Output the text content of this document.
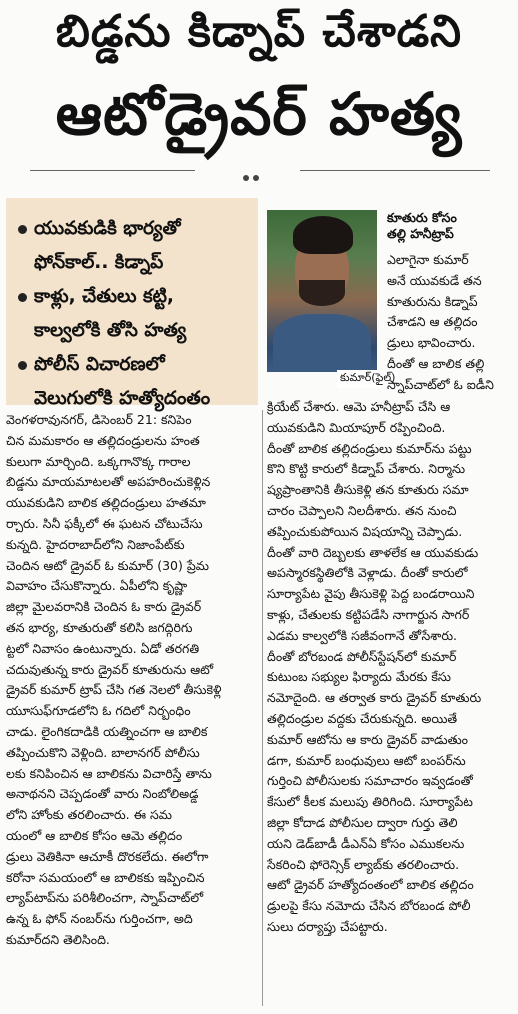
బిడ్డను కిడ్నాప్ చేశాడని
ఆటోడ్రైవర్ హత్య
యువకుడికి భార్యతో
ఫోన్‌కాల్.. కిడ్నాప్
కాళ్లు, చేతులు కట్టి,
కాల్వలోకి తోసి హత్య
పోలీస్ విచారణలో
వెలుగులోకి హత్యోదంతం
కుమార్(ఫైల్)
కూతురు కోసం
తల్లి హనీట్రాప్

ఎలాగైనా కుమార్

అనే యువకుడే తన

కూతురును కిడ్నాప్

చేశాడని ఆ తల్లిదం

డ్రులు భావించారు.

దీంతో ఆ బాలిక తల్లి

స్నాప్‌చాట్‌లో ఓ ఐడీని

క్రియేట్ చేశారు. ఆమె హనీట్రాప్ చేసి ఆ

యువకుడిని మియాపూర్ రప్పించింది.

దీంతో బాలిక తల్లిదండ్రులు కుమార్‌ను పట్టు

కొని కొట్టి కారులో కిడ్నాప్ చేశారు. నిర్మాను

ష్యప్రాంతానికి తీసుకెళ్లి తన కూతురు సమా

చారం చెప్పాలని నిలదీశారు. తన నుంచి

తప్పించుకుపోయిన విషయాన్ని చెప్పాడు.

దీంతో వారి దెబ్బలకు తాళలేక ఆ యువకుడు

అపస్మారకస్థితిలోకి వెళ్లాడు. దీంతో కారులో

సూర్యాపేట వైపు తీసుకెళ్లి పెద్ద బండరాయిని

కాళ్లు, చేతులకు కట్టిపడేసి నాగార్జున సాగర్

ఎడమ కాల్వలోకి సజీవంగానే తోసేశారు.

దీంతో బోరబండ పోలీస్‌స్టేషన్‌లో కుమార్

కుటుంబ సభ్యుల ఫిర్యాదు మేరకు కేసు

నమోదైంది. ఆ తర్వాత కారు డ్రైవర్ కూతురు

తల్లిదండ్రుల వద్దకు చేరుకున్నది. అయితే

కుమార్ ఆటోను ఆ కారు డ్రైవర్ వాడుతుం

డగా, కుమార్ బంధువులు ఆటో బంపర్‌ను

గుర్తించి పోలీసులకు సమాచారం ఇవ్వడంతో

కేసులో కీలక మలుపు తిరిగింది. సూర్యాపేట

జిల్లా కోదాడ పోలీసుల ద్వారా గుర్తు తెలి

యని డెడ్‌బాడీ డీఎన్‌ఏ కోసం ఎముకలను

సేకరించి ఫోరెన్సిక్ ల్యాబ్‌కు తరలించారు.

ఆటో డ్రైవర్ హత్యోదంతంలో బాలిక తల్లిదం

డ్రులపై కేసు నమోదు చేసిన బోరబండ పోలీ

సులు దర్యాప్తు చేపట్టారు.

వెంగళరావునగర్, డిసెంబర్ 21: కనిపెం

చిన మమకారం ఆ తల్లిదండ్రులను హంత

కులుగా మార్చింది. ఒక్కగానొక్క గారాల

బిడ్డను మాయమాటలతో అపహరించుకెళ్లిన

యువకుడిని బాలిక తల్లిదండ్రులు హతమా

ర్చారు. సినీ ఫక్కీలో ఈ ఘటన చోటుచేసు

కున్నది. హైదరాబాద్‌లోని నిజాంపేట్‌కు

చెందిన ఆటో డ్రైవర్ ఓ కుమార్ (30) ప్రేమ

వివాహం చేసుకొన్నారు. ఏపీలోని కృష్ణా

జిల్లా మైలవరానికి చెందిన ఓ కారు డ్రైవర్

తన భార్య, కూతురుతో కలిసి జగద్గిరిగు

ట్టలో నివాసం ఉంటున్నారు. ఏడో తరగతి

చదువుతున్న కారు డ్రైవర్ కూతురును ఆటో

డ్రైవర్ కుమార్ ట్రాప్ చేసి గత నెలలో తీసుకెళ్లి

యూసుఫ్‌గూడలోని ఓ గదిలో నిర్బంధిం

చాడు. లైంగికదాడికి యత్నించగా ఆ బాలిక

తప్పించుకొని వెళ్లింది. బాలానగర్ పోలీసు

లకు కనిపించిన ఆ బాలికను విచారిస్తే తాను

అనాథనని చెప్పడంతో వారు నింబోలిఅడ్డ

లోని హోంకు తరలించారు. ఈ సమ

యంలో ఆ బాలిక కోసం ఆమె తల్లిదం

డ్రులు వెతికినా ఆచూకీ దొరకలేదు. ఈలోగా

కరోనా సమయంలో ఆ బాలికకు ఇప్పించిన

ల్యాప్‌టాప్‌ను పరిశీలించగా, స్నాప్‌చాట్‌లో

ఉన్న ఓ ఫోన్ నంబర్‌ను గుర్తించగా, అది

కుమార్‌దని తెలిసింది.
